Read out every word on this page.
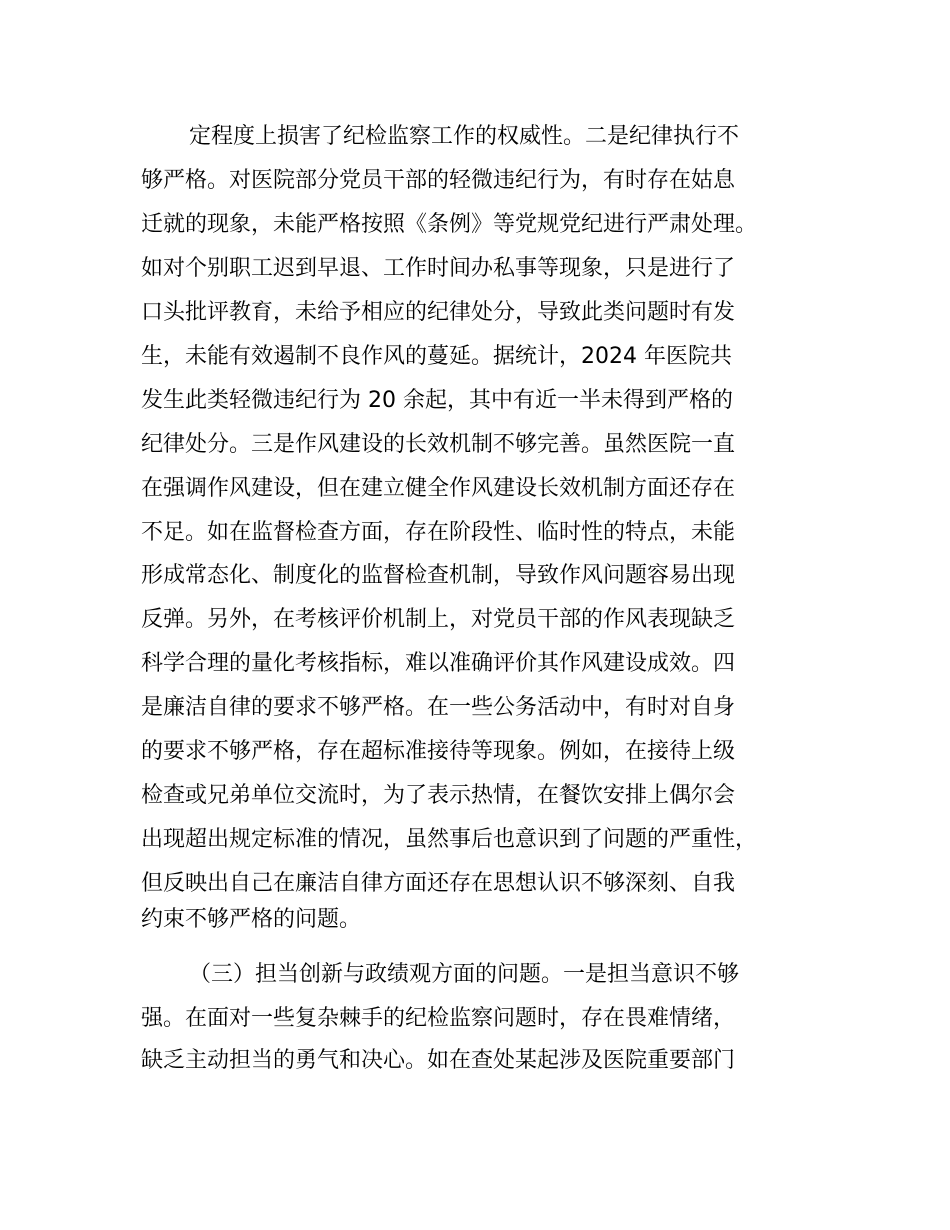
定程度上损害了纪检监察工作的权威性。二是纪律执行不
够严格。对医院部分党员干部的轻微违纪行为，有时存在姑息
迁就的现象，未能严格按照《条例》等党规党纪进行严肃处理。
如对个别职工迟到早退、工作时间办私事等现象，只是进行了
口头批评教育，未给予相应的纪律处分，导致此类问题时有发
生，未能有效遏制不良作风的蔓延。据统计，2024 年医院共
发生此类轻微违纪行为 20 余起，其中有近一半未得到严格的
纪律处分。三是作风建设的长效机制不够完善。虽然医院一直
在强调作风建设，但在建立健全作风建设长效机制方面还存在
不足。如在监督检查方面，存在阶段性、临时性的特点，未能
形成常态化、制度化的监督检查机制，导致作风问题容易出现
反弹。另外，在考核评价机制上，对党员干部的作风表现缺乏
科学合理的量化考核指标，难以准确评价其作风建设成效。四
是廉洁自律的要求不够严格。在一些公务活动中，有时对自身
的要求不够严格，存在超标准接待等现象。例如，在接待上级
检查或兄弟单位交流时，为了表示热情，在餐饮安排上偶尔会
出现超出规定标准的情况，虽然事后也意识到了问题的严重性，
但反映出自己在廉洁自律方面还存在思想认识不够深刻、自我
约束不够严格的问题。
（三）担当创新与政绩观方面的问题。一是担当意识不够
强。在面对一些复杂棘手的纪检监察问题时，存在畏难情绪，
缺乏主动担当的勇气和决心。如在查处某起涉及医院重要部门
